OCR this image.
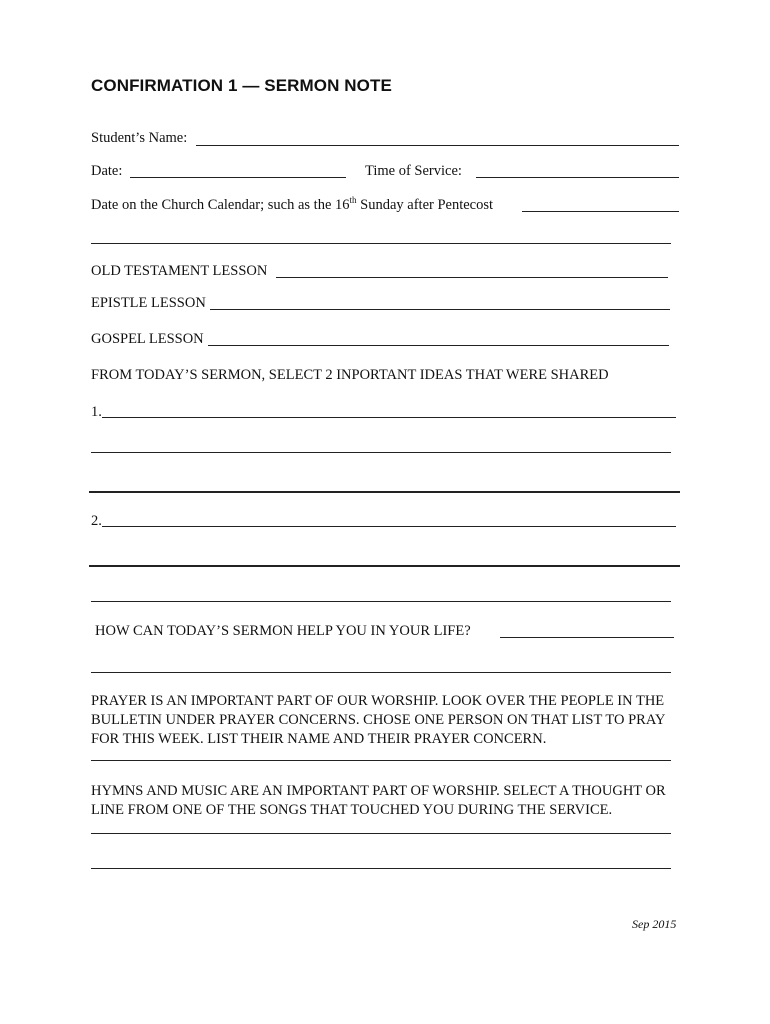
CONFIRMATION 1 — SERMON NOTE
Student’s Name:
Date:	Time of Service:
Date on the Church Calendar; such as the 16th Sunday after Pentecost
OLD TESTAMENT LESSON
EPISTLE LESSON
GOSPEL LESSON
FROM TODAY’S SERMON, SELECT 2 INPORTANT IDEAS THAT WERE SHARED
1.
2.
HOW CAN TODAY’S SERMON HELP YOU IN YOUR LIFE?
PRAYER IS AN IMPORTANT PART OF OUR WORSHIP. LOOK OVER THE PEOPLE IN THE BULLETIN UNDER PRAYER CONCERNS. CHOSE ONE PERSON ON THAT LIST TO PRAY FOR THIS WEEK. LIST THEIR NAME AND THEIR PRAYER CONCERN.
HYMNS AND MUSIC ARE AN IMPORTANT PART OF WORSHIP. SELECT A THOUGHT OR LINE FROM ONE OF THE SONGS THAT TOUCHED YOU DURING THE SERVICE.
Sep 2015
